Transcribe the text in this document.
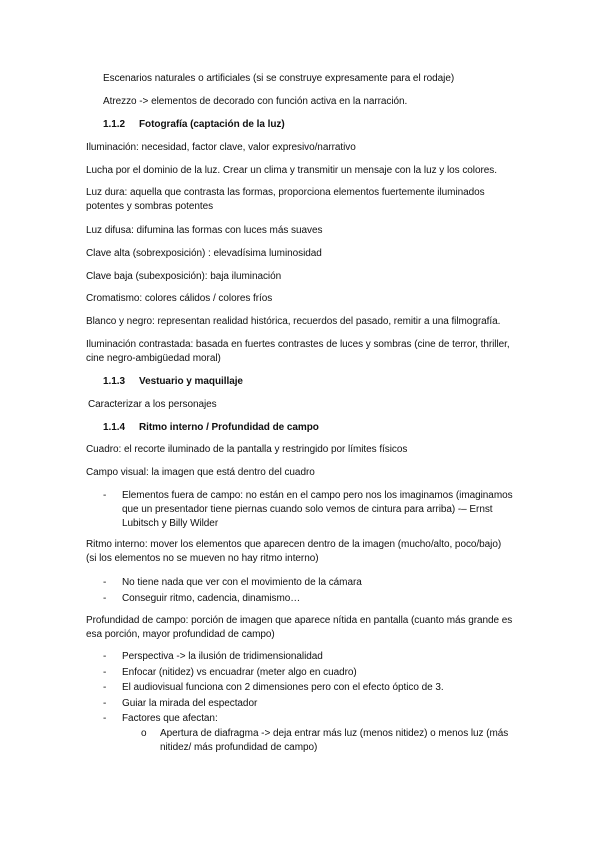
Escenarios naturales o artificiales (si se construye expresamente para el rodaje)

Atrezzo -> elementos de decorado con función activa en la narración.

1.1.2 Fotografía (captación de la luz)

Iluminación: necesidad, factor clave, valor expresivo/narrativo

Lucha por el dominio de la luz. Crear un clima y transmitir un mensaje con la luz y los colores.

Luz dura: aquella que contrasta las formas, proporciona elementos fuertemente iluminados potentes y sombras potentes

Luz difusa: difumina las formas con luces más suaves

Clave alta (sobrexposición) : elevadísima luminosidad

Clave baja (subexposición): baja iluminación

Cromatismo: colores cálidos / colores fríos

Blanco y negro: representan realidad histórica, recuerdos del pasado, remitir a una filmografía.

Iluminación contrastada: basada en fuertes contrastes de luces y sombras (cine de terror, thriller, cine negro-ambigüedad moral)

1.1.3 Vestuario y maquillaje

Caracterizar a los personajes

1.1.4 Ritmo interno / Profundidad de campo

Cuadro: el recorte iluminado de la pantalla y restringido por límites físicos

Campo visual: la imagen que está dentro del cuadro

- Elementos fuera de campo: no están en el campo pero nos los imaginamos (imaginamos que un presentador tiene piernas cuando solo vemos de cintura para arriba) -– Ernst Lubitsch y Billy Wilder

Ritmo interno: mover los elementos que aparecen dentro de la imagen (mucho/alto, poco/bajo) (si los elementos no se mueven no hay ritmo interno)

- No tiene nada que ver con el movimiento de la cámara

- Conseguir ritmo, cadencia, dinamismo…

Profundidad de campo: porción de imagen que aparece nítida en pantalla (cuanto más grande es esa porción, mayor profundidad de campo)

- Perspectiva -> la ilusión de tridimensionalidad

- Enfocar (nitidez) vs encuadrar (meter algo en cuadro)

- El audiovisual funciona con 2 dimensiones pero con el efecto óptico de 3.

- Guiar la mirada del espectador

- Factores que afectan:

o Apertura de diafragma -> deja entrar más luz (menos nitidez) o menos luz (más nitidez/ más profundidad de campo)
